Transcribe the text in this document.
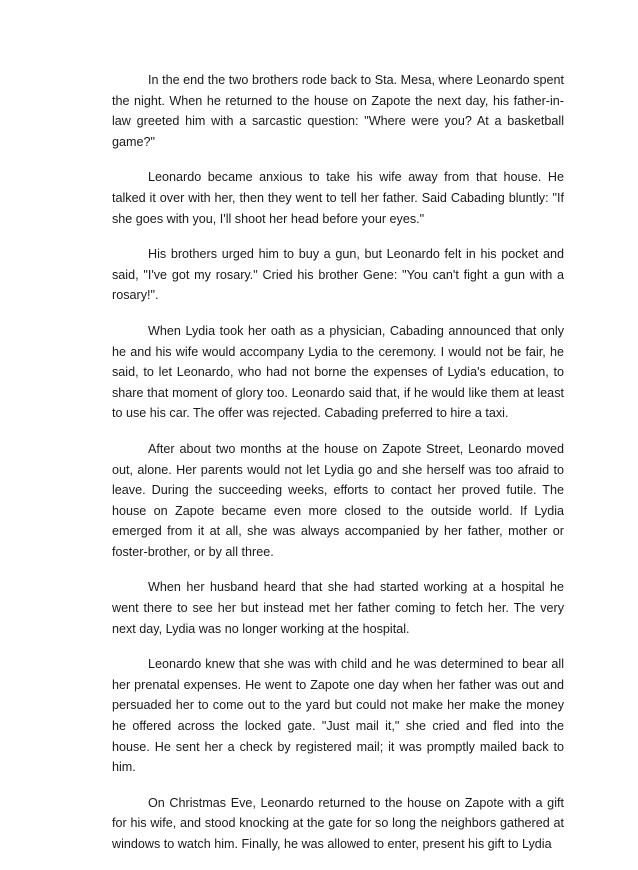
In the end the two brothers rode back to Sta. Mesa, where Leonardo spent the night. When he returned to the house on Zapote the next day, his father-in-law greeted him with a sarcastic question: "Where were you? At a basketball game?"

Leonardo became anxious to take his wife away from that house. He talked it over with her, then they went to tell her father. Said Cabading bluntly: "If she goes with you, I'll shoot her head before your eyes."

His brothers urged him to buy a gun, but Leonardo felt in his pocket and said, "I've got my rosary." Cried his brother Gene: "You can't fight a gun with a rosary!".

When Lydia took her oath as a physician, Cabading announced that only he and his wife would accompany Lydia to the ceremony. I would not be fair, he said, to let Leonardo, who had not borne the expenses of Lydia's education, to share that moment of glory too. Leonardo said that, if he would like them at least to use his car. The offer was rejected. Cabading preferred to hire a taxi.

After about two months at the house on Zapote Street, Leonardo moved out, alone. Her parents would not let Lydia go and she herself was too afraid to leave. During the succeeding weeks, efforts to contact her proved futile. The house on Zapote became even more closed to the outside world. If Lydia emerged from it at all, she was always accompanied by her father, mother or foster-brother, or by all three.

When her husband heard that she had started working at a hospital he went there to see her but instead met her father coming to fetch her. The very next day, Lydia was no longer working at the hospital.

Leonardo knew that she was with child and he was determined to bear all her prenatal expenses. He went to Zapote one day when her father was out and persuaded her to come out to the yard but could not make her make the money he offered across the locked gate. "Just mail it," she cried and fled into the house. He sent her a check by registered mail; it was promptly mailed back to him.

On Christmas Eve, Leonardo returned to the house on Zapote with a gift for his wife, and stood knocking at the gate for so long the neighbors gathered at windows to watch him. Finally, he was allowed to enter, present his gift to Lydia
